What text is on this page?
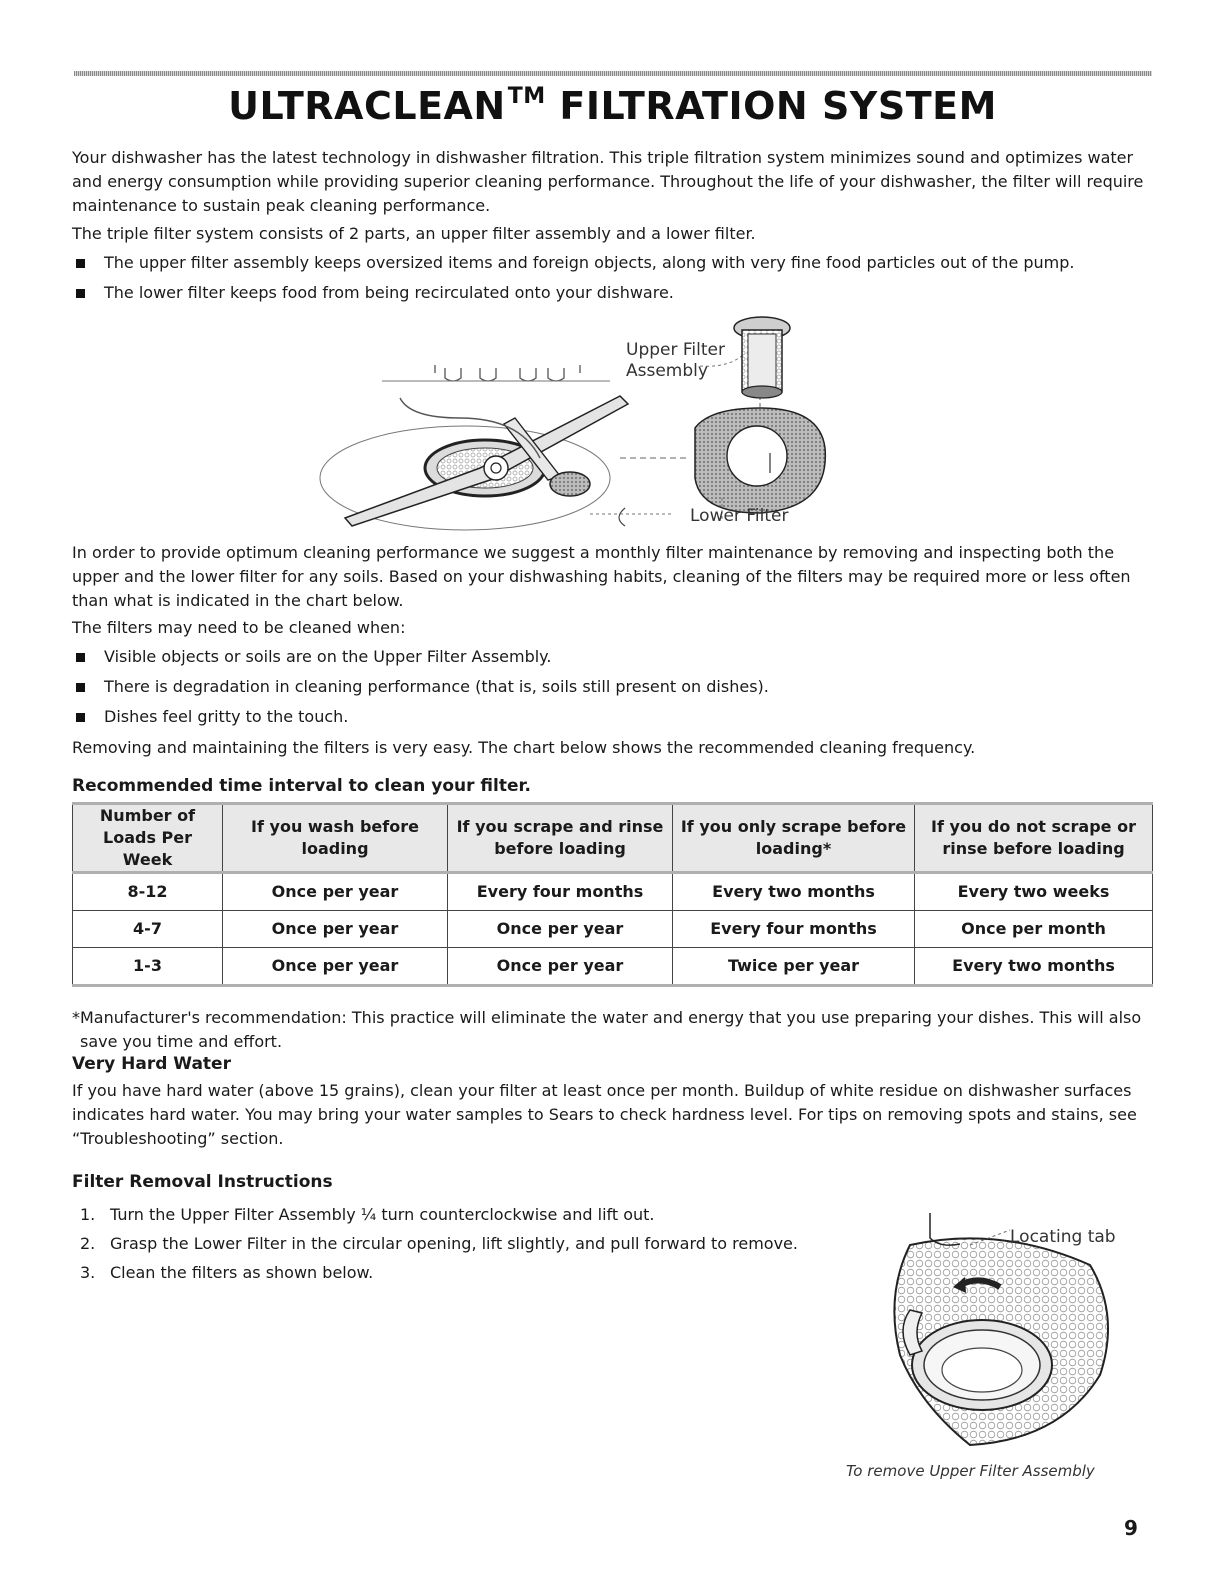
ULTRACLEAN™ FILTRATION SYSTEM

Your dishwasher has the latest technology in dishwasher filtration. This triple filtration system minimizes sound and optimizes water and energy consumption while providing superior cleaning performance. Throughout the life of your dishwasher, the filter will require maintenance to sustain peak cleaning performance.

The triple filter system consists of 2 parts, an upper filter assembly and a lower filter.

The upper filter assembly keeps oversized items and foreign objects, along with very fine food particles out of the pump.
The lower filter keeps food from being recirculated onto your dishware.
Upper Filter
Assembly
Lower Filter

In order to provide optimum cleaning performance we suggest a monthly filter maintenance by removing and inspecting both the upper and the lower filter for any soils. Based on your dishwashing habits, cleaning of the filters may be required more or less often than what is indicated in the chart below.

The filters may need to be cleaned when:

Visible objects or soils are on the Upper Filter Assembly.
There is degradation in cleaning performance (that is, soils still present on dishes).
Dishes feel gritty to the touch.

Removing and maintaining the filters is very easy. The chart below shows the recommended cleaning frequency.

Recommended time interval to clean your filter.
Number of Loads Per Week	If you wash before loading	If you scrape and rinse before loading	If you only scrape before loading*	If you do not scrape or rinse before loading
8-12	Once per year	Every four months	Every two months	Every two weeks
4-7	Once per year	Once per year	Every four months	Once per month
1-3	Once per year	Once per year	Twice per year	Every two months

*Manufacturer's recommendation: This practice will eliminate the water and energy that you use preparing your dishes. This will also save you time and effort.

Very Hard Water

If you have hard water (above 15 grains), clean your filter at least once per month. Buildup of white residue on dishwasher surfaces indicates hard water. You may bring your water samples to Sears to check hardness level. For tips on removing spots and stains, see “Troubleshooting” section.

Filter Removal Instructions
1. Turn the Upper Filter Assembly ¼ turn counterclockwise and lift out.
2. Grasp the Lower Filter in the circular opening, lift slightly, and pull forward to remove.
3. Clean the filters as shown below.
Locating tab
To remove Upper Filter Assembly
9
